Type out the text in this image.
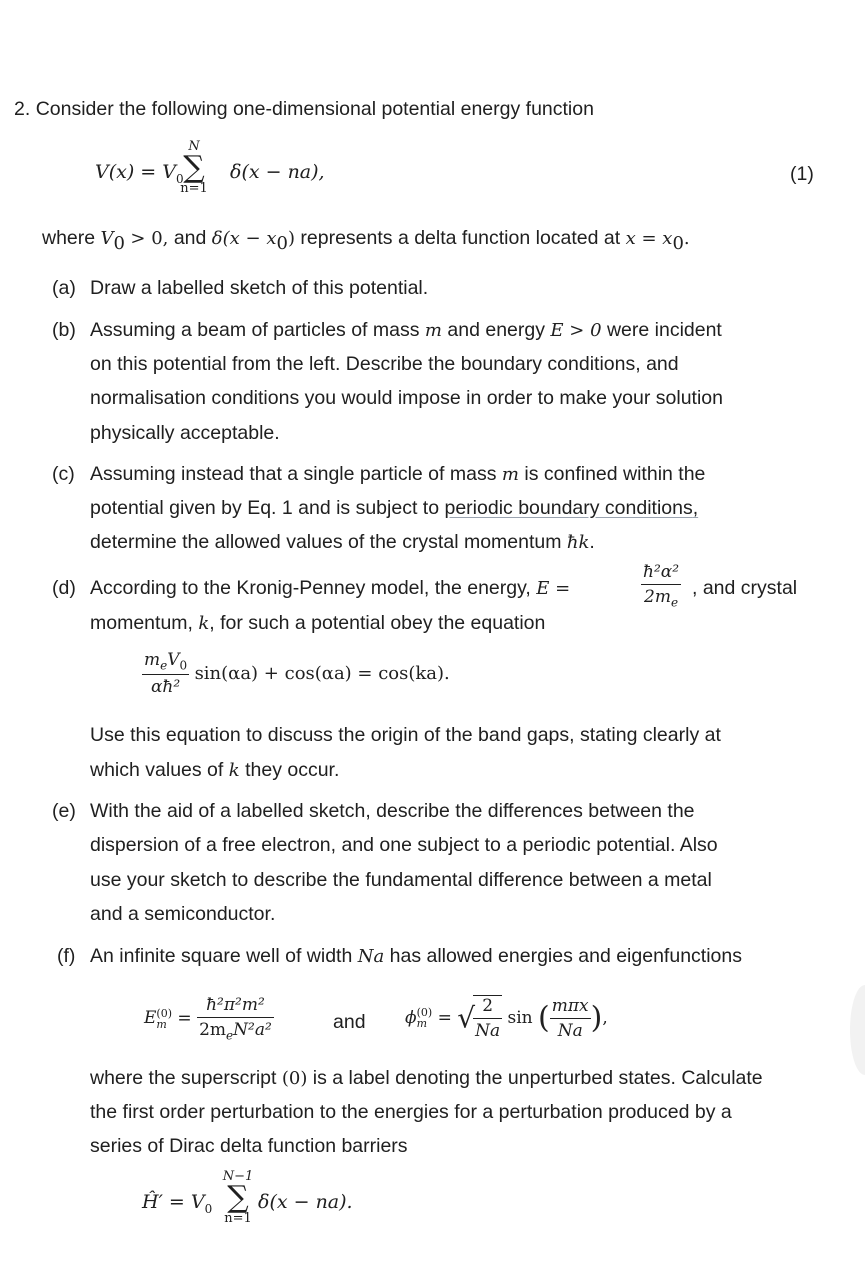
2. Consider the following one-dimensional potential energy function
$V(x) = V_0$
N
∑
n=1
δ(x − na),	(1)
where $V_0 > 0$, and $\delta(x - x_0)$ represents a delta function located at $x = x_0$.
(a) Draw a labelled sketch of this potential.
(b) Assuming a beam of particles of mass m and energy E > 0 were incident
on this potential from the left. Describe the boundary conditions, and
normalisation conditions you would impose in order to make your solution
physically acceptable.
(c) Assuming instead that a single particle of mass m is confined within the
potential given by Eq. 1 and is subject to periodic boundary conditions,
determine the allowed values of the crystal momentum ħk.
(d) According to the Kronig-Penney model, the energy, E =	$\frac{\text{ħ²α²}}{2m_e}$ , and crystal
momentum, k, for such a potential obey the equation
$\frac{m_eV_0}{\text{αħ²}} \sin(\alpha a) + \cos(\alpha a) = \cos(ka)$.
Use this equation to discuss the origin of the band gaps, stating clearly at
which values of k they occur.
(e) With the aid of a labelled sketch, describe the differences between the
dispersion of a free electron, and one subject to a periodic potential. Also
use your sketch to describe the fundamental difference between a metal
and a semiconductor.
(f) An infinite square well of width Na has allowed energies and eigenfunctions
E (0)
$m = \frac{\text{ħ²π²m²}}{2m_eN^2a^2}$	and ϕ (0)
m = √
$\frac{2}{Na}$ sin ( $\frac{\text{mπx}}{Na}$ ),
where the superscript (0) is a label denoting the unperturbed states. Calculate
the first order perturbation to the energies for a perturbation produced by a
series of Dirac delta function barriers
Ĥ′ = $V_0$
N−1
∑
n=1
δ(x − na).
